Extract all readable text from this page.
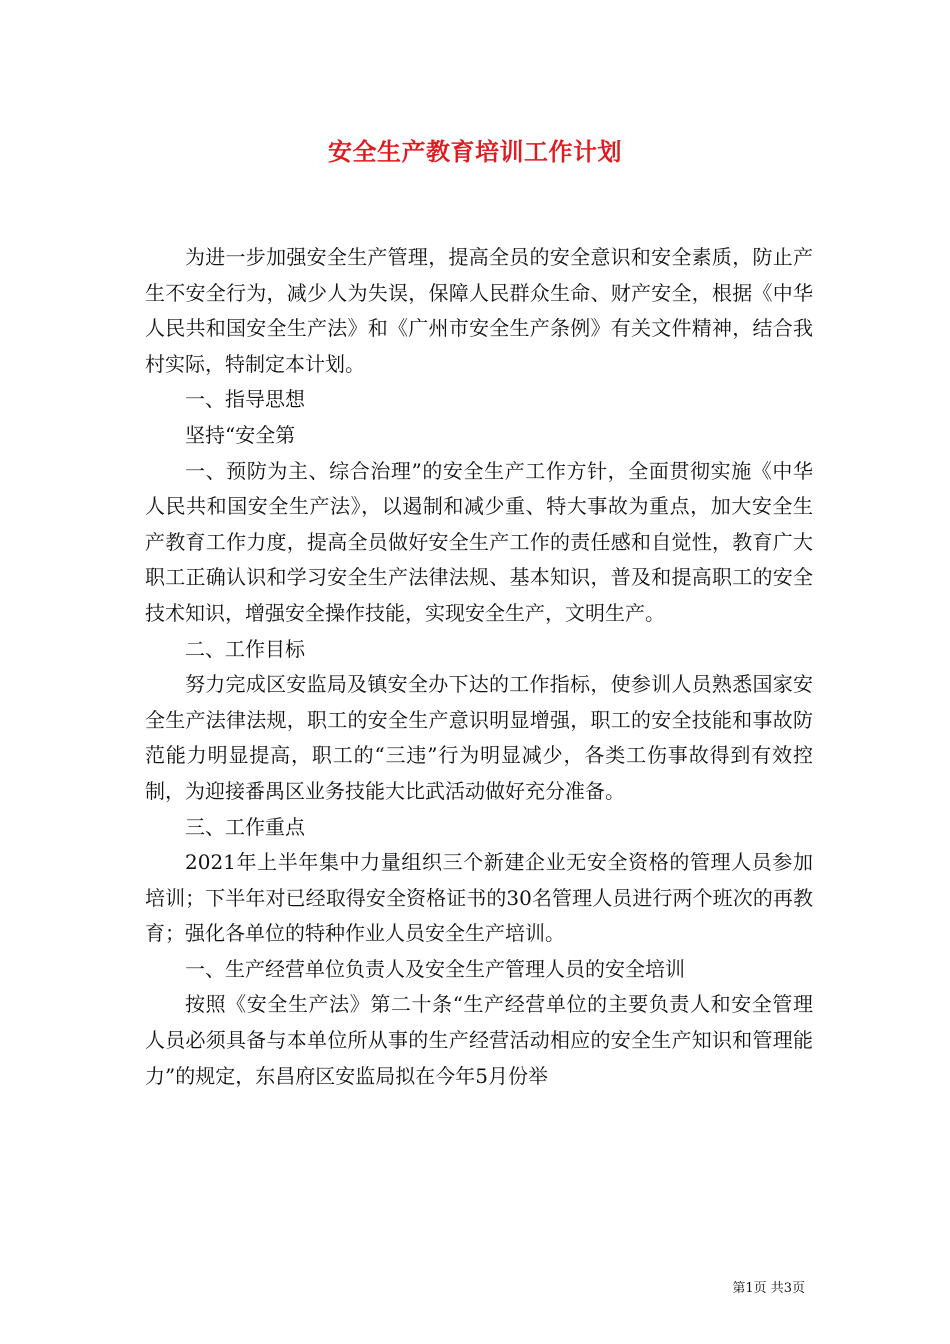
安全生产教育培训工作计划

为进一步加强安全生产管理，提高全员的安全意识和安全素质，防止产生不安全行为，减少人为失误，保障人民群众生命、财产安全，根据《中华人民共和国安全生产法》和《广州市安全生产条例》有关文件精神，结合我村实际，特制定本计划。

一、指导思想

坚持“安全第

一、预防为主、综合治理”的安全生产工作方针，全面贯彻实施《中华人民共和国安全生产法》，以遏制和减少重、特大事故为重点，加大安全生产教育工作力度，提高全员做好安全生产工作的责任感和自觉性，教育广大职工正确认识和学习安全生产法律法规、基本知识，普及和提高职工的安全技术知识，增强安全操作技能，实现安全生产，文明生产。

二、工作目标

努力完成区安监局及镇安全办下达的工作指标，使参训人员熟悉国家安全生产法律法规，职工的安全生产意识明显增强，职工的安全技能和事故防范能力明显提高，职工的“三违”行为明显减少，各类工伤事故得到有效控制，为迎接番禺区业务技能大比武活动做好充分准备。

三、工作重点

2021年上半年集中力量组织三个新建企业无安全资格的管理人员参加培训；下半年对已经取得安全资格证书的30名管理人员进行两个班次的再教育；强化各单位的特种作业人员安全生产培训。

一、生产经营单位负责人及安全生产管理人员的安全培训

按照《安全生产法》第二十条“生产经营单位的主要负责人和安全管理人员必须具备与本单位所从事的生产经营活动相应的安全生产知识和管理能力”的规定，东昌府区安监局拟在今年5月份举

第1页 共3页
